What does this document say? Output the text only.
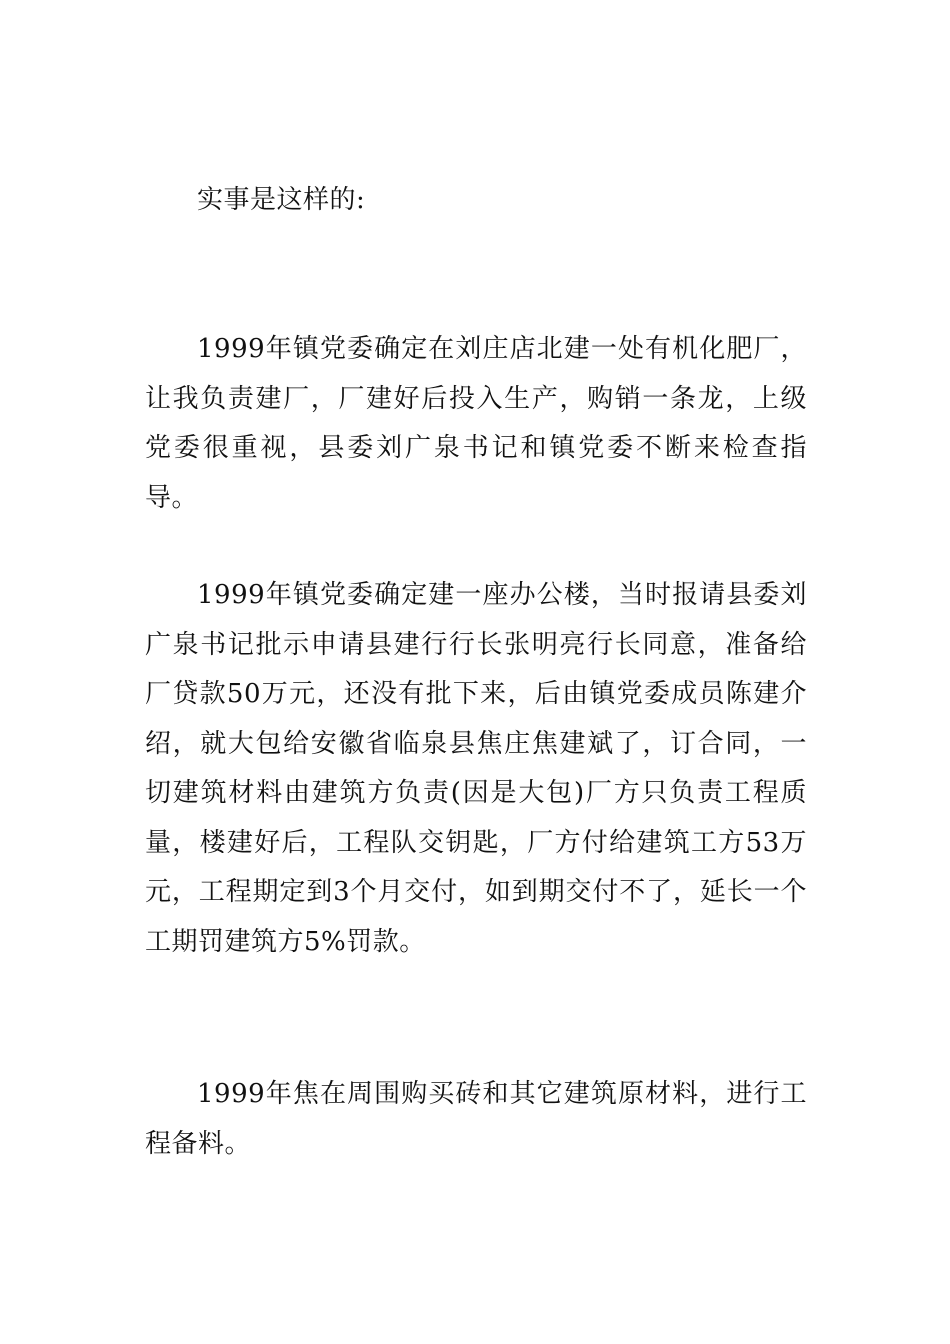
实事是这样的:

1999年镇党委确定在刘庄店北建一处有机化肥厂，让我负责建厂，厂建好后投入生产，购销一条龙，上级党委很重视，县委刘广泉书记和镇党委不断来检查指导。

1999年镇党委确定建一座办公楼，当时报请县委刘广泉书记批示申请县建行行长张明亮行长同意，准备给厂贷款50万元，还没有批下来，后由镇党委成员陈建介绍，就大包给安徽省临泉县焦庄焦建斌了，订合同，一切建筑材料由建筑方负责(因是大包)厂方只负责工程质量，楼建好后，工程队交钥匙，厂方付给建筑工方53万元，工程期定到3个月交付，如到期交付不了，延长一个工期罚建筑方5%罚款。

1999年焦在周围购买砖和其它建筑原材料，进行工程备料。
